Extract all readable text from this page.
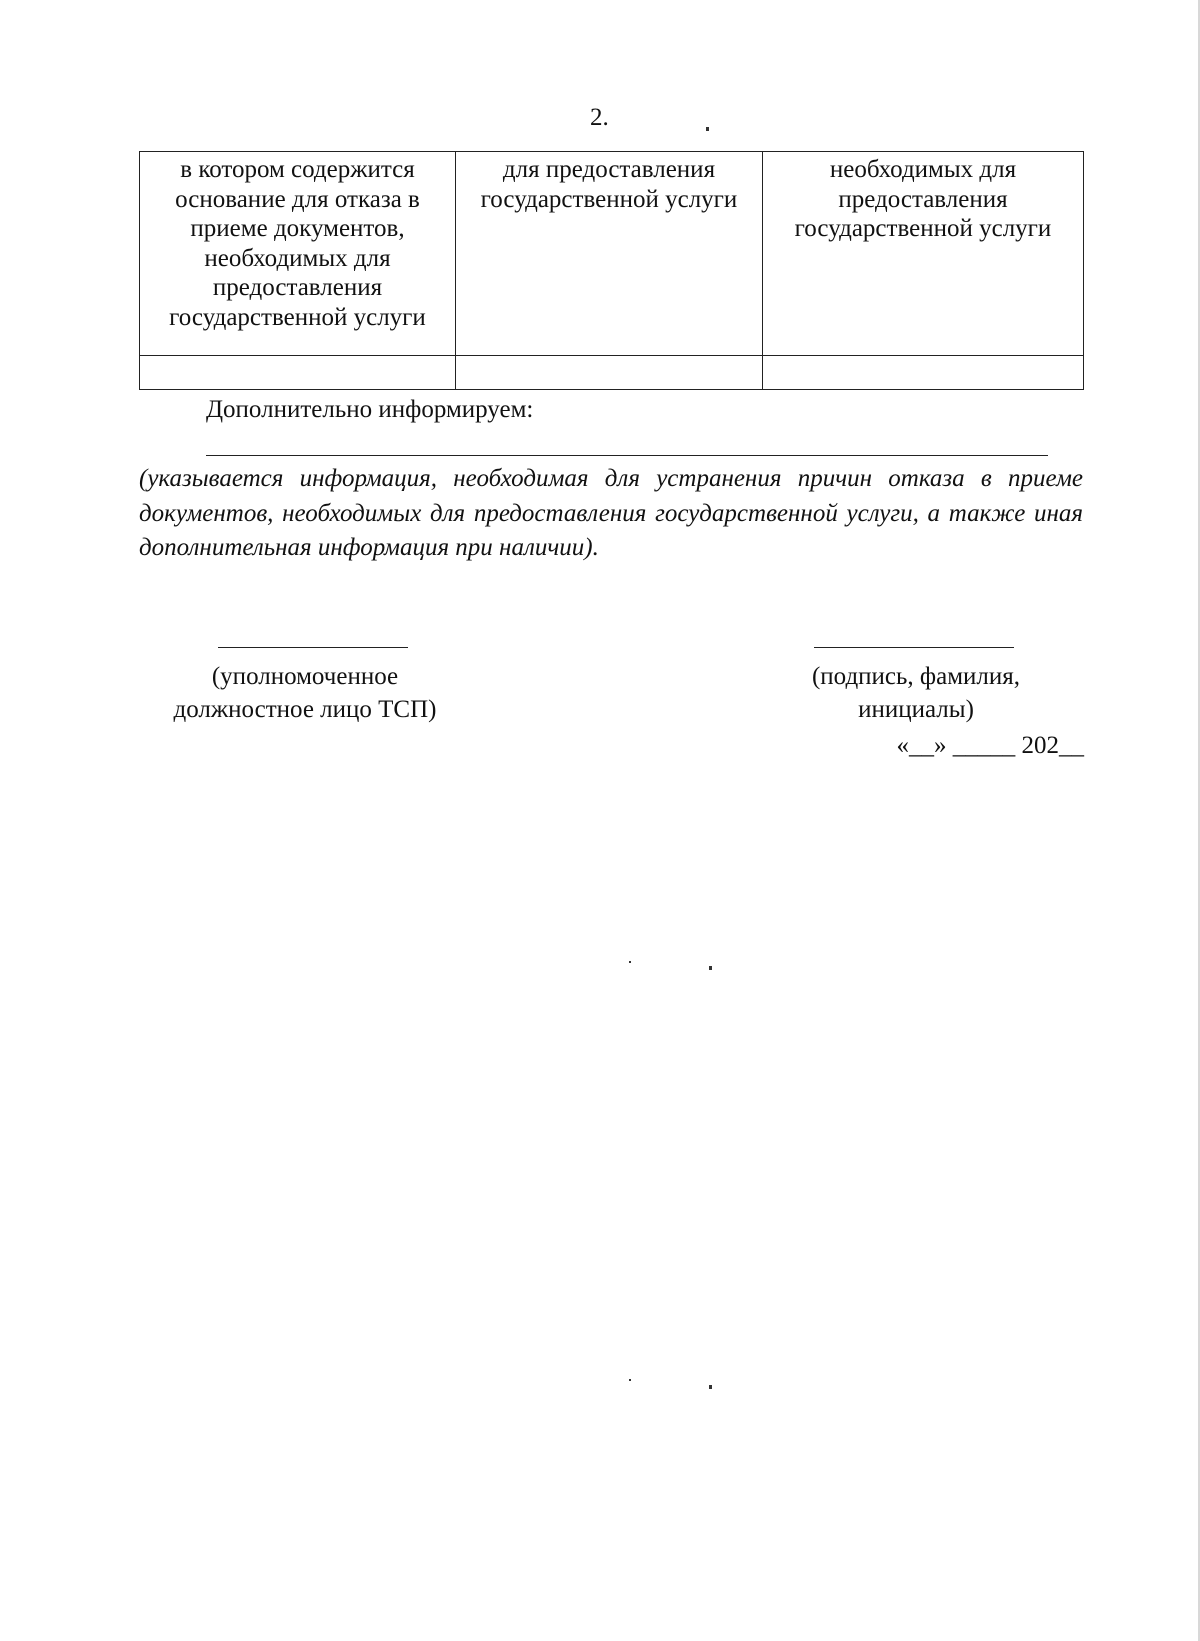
2.
в котором содержится основание для отказа в приеме документов, необходимых для предоставления государственной услуги	для предоставления государственной услуги	необходимых для предоставления государственной услуги

Дополнительно информируем:
(указывается информация, необходимая для устранения причин отказа в приеме документов, необходимых для предоставления государственной услуги, а также иная дополнительная информация при наличии).
(уполномоченное
должностное лицо ТСП)
(подпись, фамилия,
инициалы)
«__» _____ 202__
